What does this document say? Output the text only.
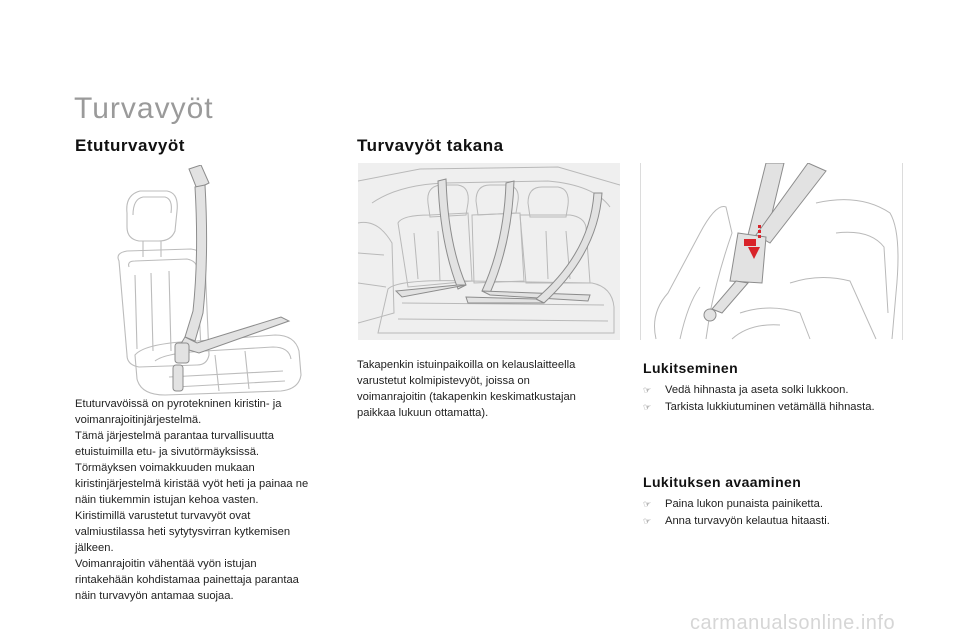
Turvavyöt
Etuturvavyöt	Turvavyöt takana
Etuturvavöissä on pyrotekninen kiristin- ja
voimanrajoitinjärjestelmä.
Tämä järjestelmä parantaa turvallisuutta
etuistuimilla etu- ja sivutörmäyksissä.
Törmäyksen voimakkuuden mukaan
kiristinjärjestelmä kiristää vyöt heti ja painaa ne
näin tiukemmin istujan kehoa vasten.
Kiristimillä varustetut turvavyöt ovat
valmiustilassa heti sytytysvirran kytkemisen
jälkeen.
Voimanrajoitin vähentää vyön istujan
rintakehään kohdistamaa painettaja parantaa
näin turvavyön antamaa suojaa.
Takapenkin istuinpaikoilla on kelauslaitteella
varustetut kolmipistevyöt, joissa on
voimanrajoitin (takapenkin keskimatkustajan
paikkaa lukuun ottamatta).
Lukitseminen
☞	Vedä hihnasta ja aseta solki lukkoon.
☞	Tarkista lukkiutuminen vetämällä hihnasta.
Lukituksen avaaminen
☞	Paina lukon punaista painiketta.
☞	Anna turvavyön kelautua hitaasti.
carmanualsonline.info
